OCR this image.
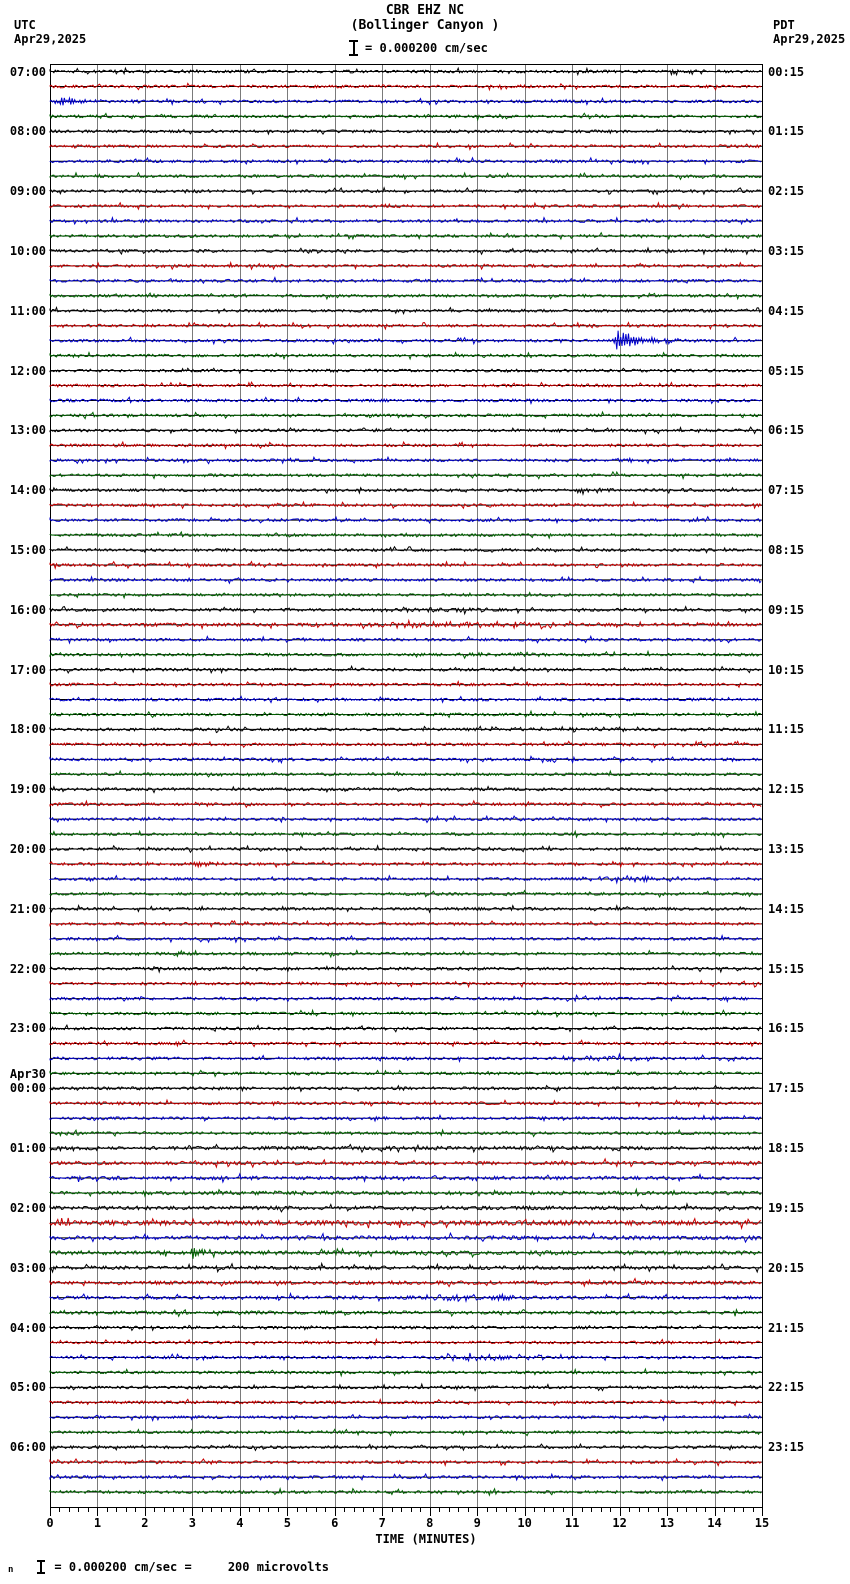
UTC
Apr29,2025
CBR EHZ NC
(Bollinger Canyon )	PDT
Apr29,2025
= 0.000200 cm/sec
07:00
08:00
09:00
10:00
11:00
12:00
13:00
14:00
15:00
16:00
17:00
18:00
19:00
20:00
21:00
22:00
23:00
00:00
Apr30
01:00
02:00
03:00
04:00
05:00
06:00
00:15
01:15
02:15
03:15
04:15
05:15
06:15
07:15
08:15
09:15
10:15
11:15
12:15
13:15
14:15
15:15
16:15
17:15
18:15
19:15
20:15
21:15
22:15
23:15
0	1	2	3	4	5	6	7	8	9	10	11	12	13	14	15
TIME (MINUTES)
n	= 0.000200 cm/sec =     200 microvolts
